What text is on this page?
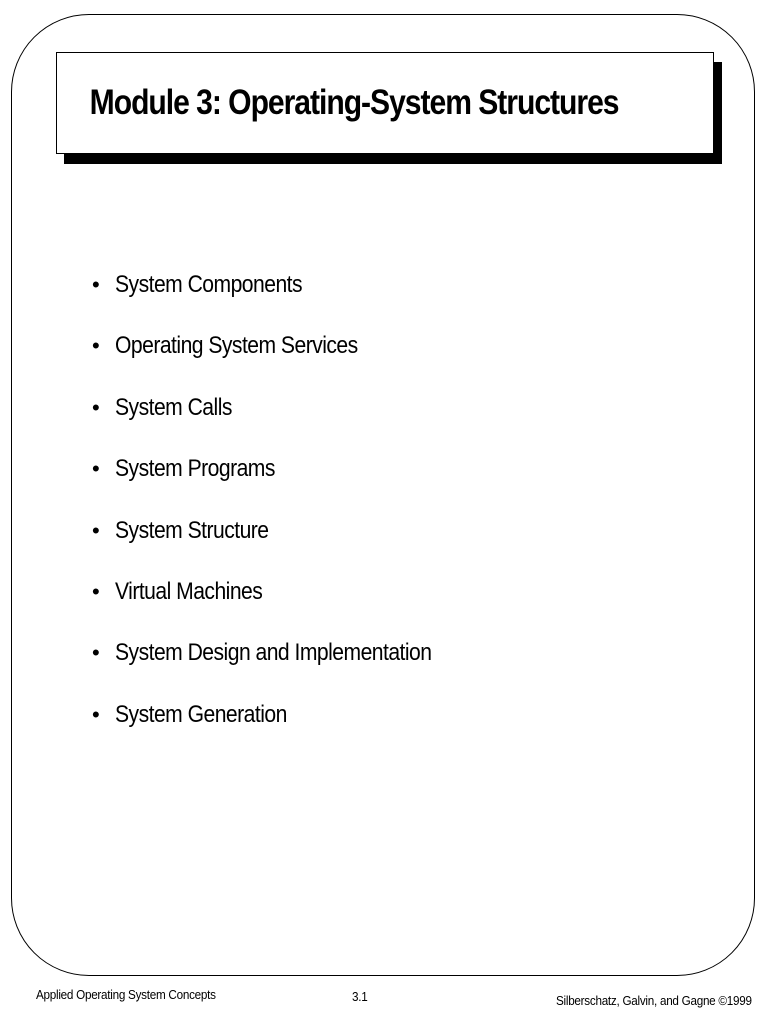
Module 3: Operating-System Structures
• System Components
• Operating System Services
• System Calls
• System Programs
• System Structure
• Virtual Machines
• System Design and Implementation
• System Generation
Applied Operating System Concepts	3.1	Silberschatz, Galvin, and Gagne ©1999
